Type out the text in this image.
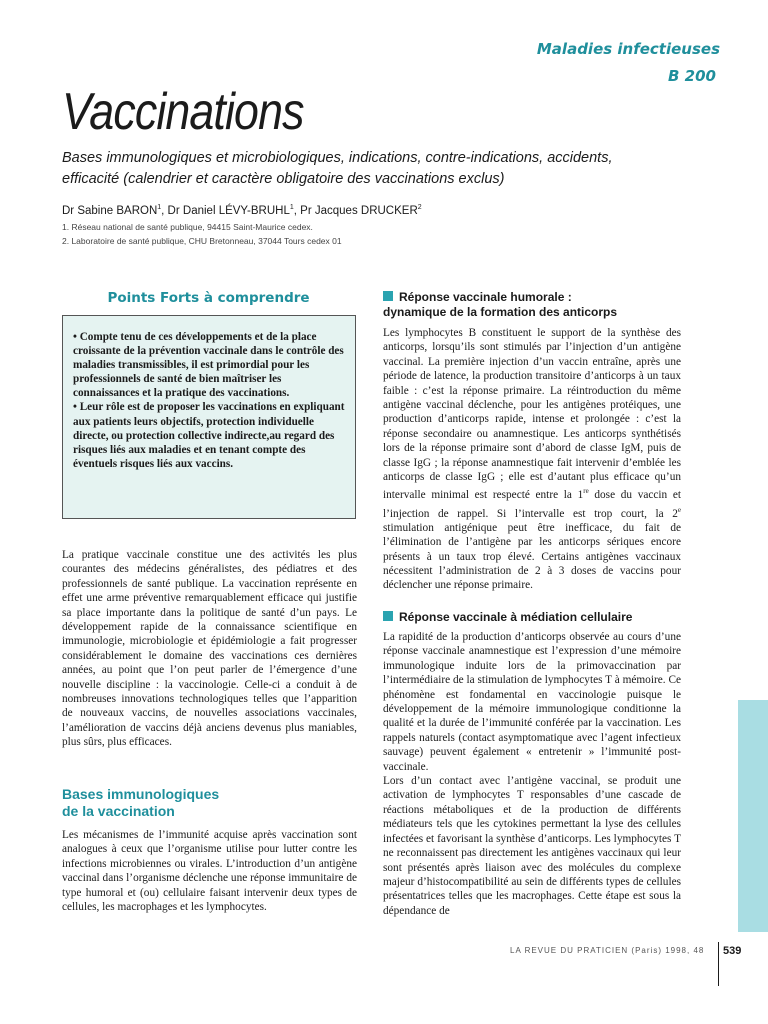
Maladies infectieuses
B 200
Vaccinations
Bases immunologiques et microbiologiques, indications, contre-indications, accidents, efficacité (calendrier et caractère obligatoire des vaccinations exclus)
Dr Sabine BARON$^1$, Dr Daniel LÉVY-BRUHL$^1$, Pr Jacques DRUCKER$^2$
1. Réseau national de santé publique, 94415 Saint-Maurice cedex.
2. Laboratoire de santé publique, CHU Bretonneau, 37044 Tours cedex 01
Points Forts à comprendre

• Compte tenu de ces développements et de la place croissante de la prévention vaccinale dans le contrôle des maladies transmissibles, il est primordial pour les professionnels de santé de bien maîtriser les connaissances et la pratique des vaccinations.

• Leur rôle est de proposer les vaccinations en expliquant aux patients leurs objectifs, protection individuelle directe, ou protection collective indirecte,au regard des risques liés aux maladies et en tenant compte des éventuels risques liés aux vaccins.

La pratique vaccinale constitue une des activités les plus courantes des médecins généralistes, des pédiatres et des professionnels de santé publique. La vaccination représente en effet une arme préventive remarquablement efficace qui justifie sa place importante dans la politique de santé d’un pays. Le développement rapide de la connaissance scientifique en immunologie, microbiologie et épidémiologie a fait progresser considérablement le domaine des vaccinations ces dernières années, au point que l’on peut parler de l’émergence d’une nouvelle discipline : la vaccinologie. Celle-ci a conduit à de nombreuses innovations technologiques telles que l’apparition de nouveaux vaccins, de nouvelles associations vaccinales, l’amélioration de vaccins déjà anciens devenus plus maniables, plus sûrs, plus efficaces.

Bases immunologiques
de la vaccination

Les mécanismes de l’immunité acquise après vaccination sont analogues à ceux que l’organisme utilise pour lutter contre les infections microbiennes ou virales. L’introduction d’un antigène vaccinal dans l’organisme déclenche une réponse immunitaire de type humoral et (ou) cellulaire faisant intervenir deux types de cellules, les macrophages et les lymphocytes.

Réponse vaccinale humorale :
dynamique de la formation des anticorps

Les lymphocytes B constituent le support de la synthèse des anticorps, lorsqu’ils sont stimulés par l’injection d’un antigène vaccinal. La première injection d’un vaccin entraîne, après une période de latence, la production transitoire d’anticorps à un taux faible : c’est la réponse primaire. La réintroduction du même antigène vaccinal déclenche, pour les antigènes protéiques, une production d’anticorps rapide, intense et prolongée : c’est la réponse secondaire ou anamnestique. Les anticorps synthétisés lors de la réponse primaire sont d’abord de classe IgM, puis de classe IgG ; la réponse anamnestique fait intervenir d’emblée les anticorps de classe IgG ; elle est d’autant plus efficace qu’un intervalle minimal est respecté entre la 1re dose du vaccin et l’injection de rappel. Si l’intervalle est trop court, la 2e stimulation antigénique peut être inefficace, du fait de l’élimination de l’antigène par les anticorps sériques encore présents à un taux trop élevé. Certains antigènes vaccinaux nécessitent l’administration de 2 à 3 doses de vaccins pour déclencher une réponse primaire.

Réponse vaccinale à médiation cellulaire

La rapidité de la production d’anticorps observée au cours d’une réponse vaccinale anamnestique est l’expression d’une mémoire immunologique induite lors de la primovaccination par l’intermédiaire de la stimulation de lymphocytes T à mémoire. Ce phénomène est fondamental en vaccinologie puisque le développement de la mémoire immunologique conditionne la qualité et la durée de l’immunité conférée par la vaccination. Les rappels naturels (contact asymptomatique avec l’agent infectieux sauvage) peuvent également « entretenir » l’immunité post-vaccinale.

Lors d’un contact avec l’antigène vaccinal, se produit une activation de lymphocytes T responsables d’une cascade de réactions métaboliques et de la production de différents médiateurs tels que les cytokines permettant la lyse des cellules infectées et favorisant la synthèse d’anticorps. Les lymphocytes T ne reconnaissent pas directement les antigènes vaccinaux qui leur sont présentés après liaison avec des molécules du complexe majeur d’histocompatibilité au sein de différents types de cellules présentatrices telles que les macrophages. Cette étape est sous la dépendance de

LA REVUE DU PRATICIEN (Paris) 1998, 48 539
